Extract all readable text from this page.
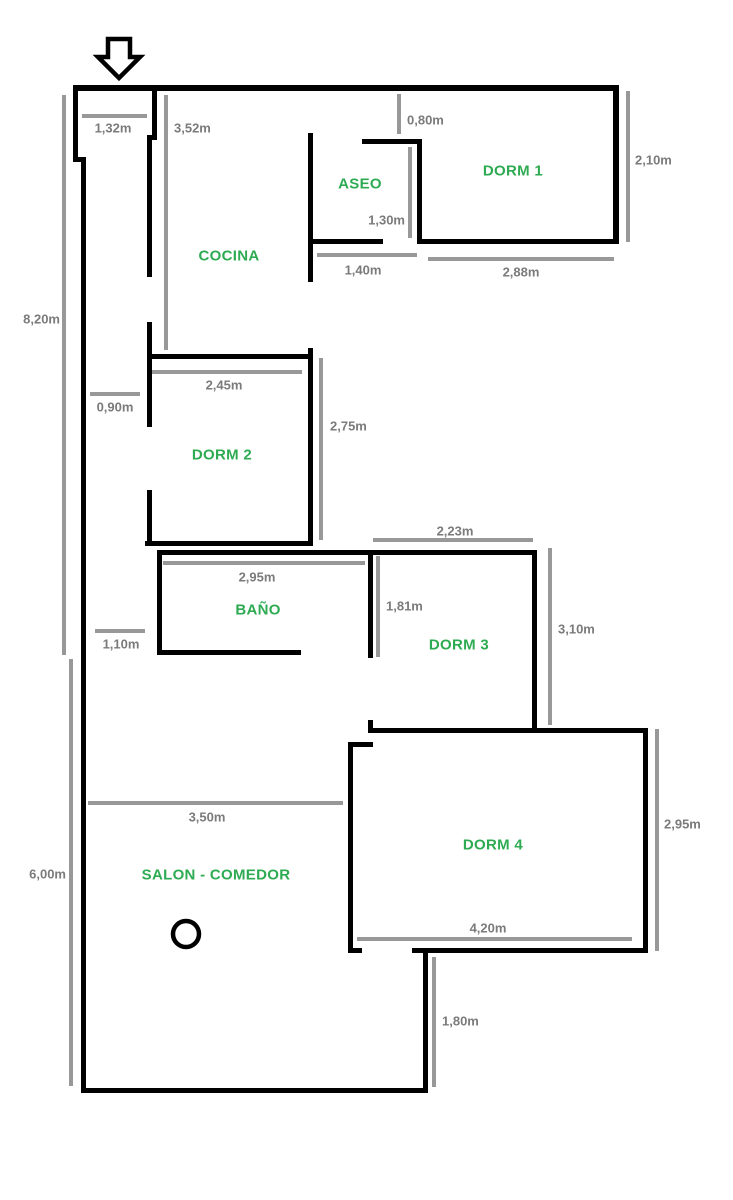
1,32m	3,52m
0,80m
2,10m
1,30m
1,40m	2,88m
8,20m
2,45m
0,90m
2,75m
2,23m
2,95m
1,81m
3,10m
1,10m
3,50m
6,00m
2,95m
4,20m
1,80m
COCINA
ASEO
DORM 1
DORM 2
BAÑO
DORM 3
DORM 4
SALON - COMEDOR
